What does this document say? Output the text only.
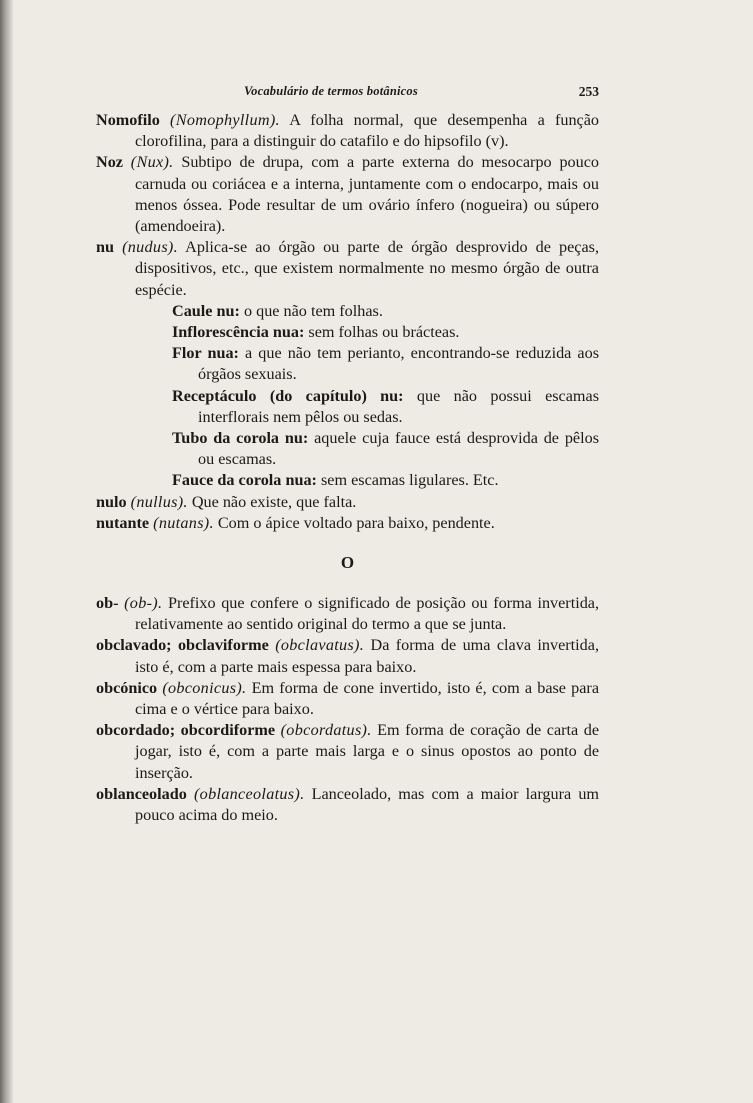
Vocabulário de termos botânicos	253

Nomofilo (Nomophyllum). A folha normal, que desempenha a função clorofilina, para a distinguir do catafilo e do hipsofilo (v).

Noz (Nux). Subtipo de drupa, com a parte externa do mesocarpo pouco carnuda ou coriácea e a interna, juntamente com o endocarpo, mais ou menos óssea. Pode resultar de um ovário ínfero (nogueira) ou súpero (amendoeira).

nu (nudus). Aplica-se ao órgão ou parte de órgão desprovido de peças, dispositivos, etc., que existem normalmente no mesmo órgão de outra espécie.

Caule nu: o que não tem folhas.

Inflorescência nua: sem folhas ou brácteas.

Flor nua: a que não tem perianto, encontrando-se reduzida aos órgãos sexuais.

Receptáculo (do capítulo) nu: que não possui escamas interflorais nem pêlos ou sedas.

Tubo da corola nu: aquele cuja fauce está desprovida de pêlos ou escamas.

Fauce da corola nua: sem escamas ligulares. Etc.

nulo (nullus). Que não existe, que falta.

nutante (nutans). Com o ápice voltado para baixo, pendente.

O

ob- (ob-). Prefixo que confere o significado de posição ou forma invertida, relativamente ao sentido original do termo a que se junta.

obclavado; obclaviforme (obclavatus). Da forma de uma clava invertida, isto é, com a parte mais espessa para baixo.

obcónico (obconicus). Em forma de cone invertido, isto é, com a base para cima e o vértice para baixo.

obcordado; obcordiforme (obcordatus). Em forma de coração de carta de jogar, isto é, com a parte mais larga e o sinus opostos ao ponto de inserção.

oblanceolado (oblanceolatus). Lanceolado, mas com a maior largura um pouco acima do meio.
